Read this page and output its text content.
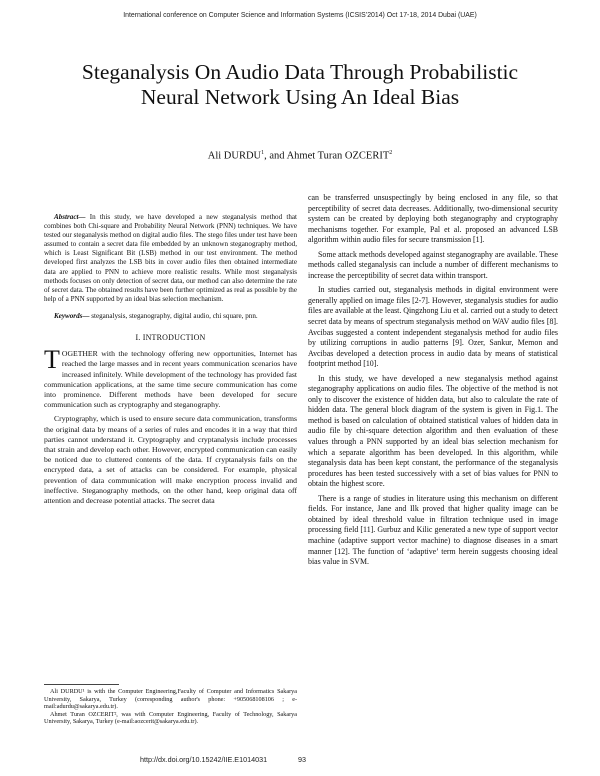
International conference on Computer Science and Information Systems (ICSIS’2014) Oct 17-18, 2014 Dubai (UAE)
Steganalysis On Audio Data Through Probabilistic Neural Network Using An Ideal Bias
Ali DURDU$^1$, and Ahmet Turan OZCERIT$^2$

Abstract— In this study, we have developed a new steganalysis method that combines both Chi-square and Probability Neural Network (PNN) techniques. We have tested our steganalysis method on digital audio files. The stego files under test have been assumed to contain a secret data file embedded by an unknown steganography method, which is Least Significant Bit (LSB) method in our test environment. The method developed first analyzes the LSB bits in cover audio files then obtained intermediate data are applied to PNN to achieve more realistic results. While most steganalysis methods focuses on only detection of secret data, our method can also determine the rate of secret data. The obtained results have been further optimized as real as possible by the help of a PNN supported by an ideal bias selection mechanism.

Keywords— steganalysis, steganography, digital audio, chi square, pnn.

I. INTRODUCTION

TOGETHER with the technology offering new opportunities, Internet has reached the large masses and in recent years communication scenarios have increased infinitely. While development of the technology has provided fast communication applications, at the same time secure communication has come into prominence. Different methods have been developed for secure communication such as cryptography and steganography.

Cryptography, which is used to ensure secure data communication, transforms the original data by means of a series of rules and encodes it in a way that third parties cannot understand it. Cryptography and cryptanalysis include processes that strain and develop each other. However, encrypted communication can easily be noticed due to cluttered contents of the data. If cryptanalysis fails on the encrypted data, a set of attacks can be considered. For example, physical prevention of data communication will make encryption process invalid and ineffective. Steganography methods, on the other hand, keep original data off attention and decrease potential attacks. The secret data

can be transferred unsuspectingly by being enclosed in any file, so that perceptibility of secret data decreases. Additionally, two-dimensional security system can be created by deploying both steganography and cryptography mechanisms together. For example, Pal et al. proposed an advanced LSB algorithm within audio files for secure transmission [1].

Some attack methods developed against steganography are available. These methods called steganalysis can include a number of different mechanisms to increase the perceptibility of secret data within transport.

In studies carried out, steganalysis methods in digital environment were generally applied on image files [2-7]. However, steganalysis studies for audio files are available at the least. Qingzhong Liu et al. carried out a study to detect secret data by means of spectrum steganalysis method on WAV audio files [8]. Avcibas suggested a content independent steganalysis method for audio files by utilizing corruptions in audio patterns [9]. Ozer, Sankur, Memon and Avcibas developed a detection process in audio data by means of statistical footprint method [10].

In this study, we have developed a new steganalysis method against steganography applications on audio files. The objective of the method is not only to discover the existence of hidden data, but also to calculate the rate of hidden data. The general block diagram of the system is given in Fig.1. The method is based on calculation of obtained statistical values of hidden data in audio file by chi-square detection algorithm and then evaluation of these values through a PNN supported by an ideal bias selection mechanism for which a separate algorithm has been developed. In this algorithm, while steganalysis data has been kept constant, the performance of the steganalysis procedures has been tested successively with a set of bias values for PNN to obtain the highest score.

There is a range of studies in literature using this mechanism on different fields. For instance, Jane and Ilk proved that higher quality image can be obtained by ideal threshold value in filtration technique used in image processing field [11]. Gurbuz and Kilic generated a new type of support vector machine (adaptive support vector machine) to diagnose diseases in a smart manner [12]. The function of ‘adaptive’ term herein suggests choosing ideal bias value in SVM.

Ali DURDU¹ is with the Computer Engineering,Faculty of Computer and Informatics Sakarya University, Sakarya, Turkey (corresponding author's phone: +905068108106 ; e-mail:adurdu@sakarya.edu.tr).

Ahmet Turan OZCERIT², was with Computer Engineering, Faculty of Technology, Sakarya University, Sakarya, Turkey (e-mail:aozcerit@sakarya.edu.tr).

http://dx.doi.org/10.15242/IIE.E1014031	93
